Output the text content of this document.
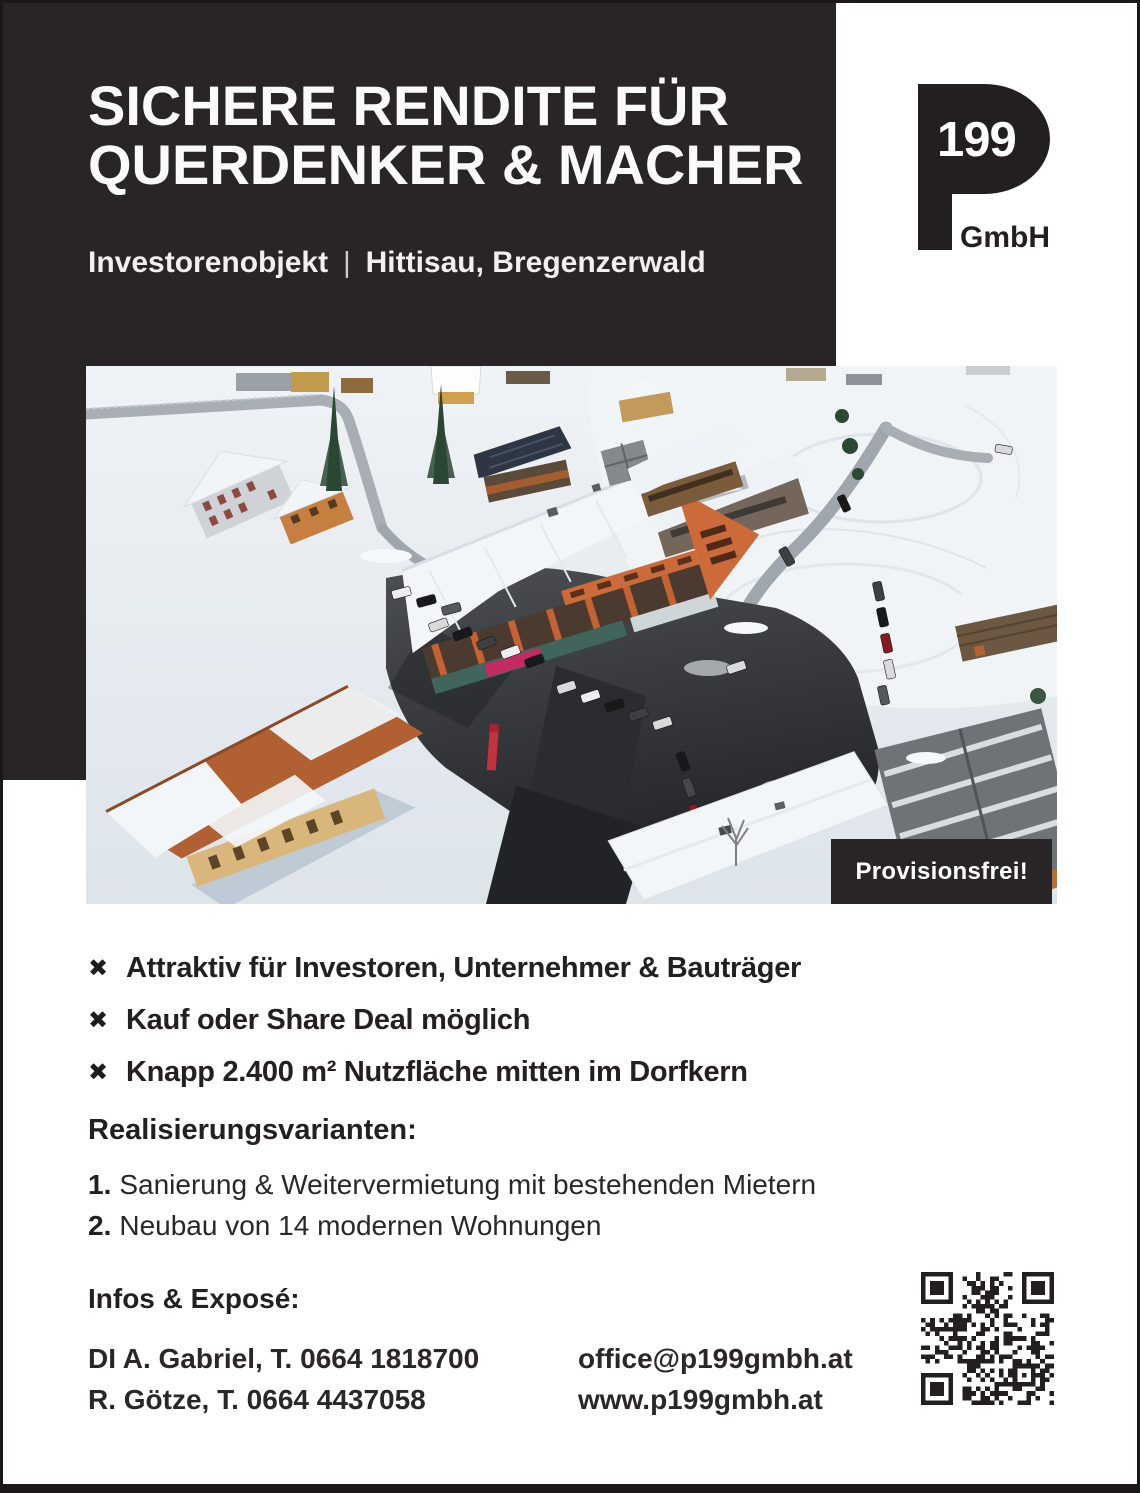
SICHERE RENDITE FÜR
QUERDENKER & MACHER
Investorenobjekt | Hittisau, Bregenzerwald
199
GmbH
Provisionsfrei!
✖ Attraktiv für Investoren, Unternehmer & Bauträger
✖ Kauf oder Share Deal möglich
✖ Knapp 2.400 m² Nutzfläche mitten im Dorfkern
Realisierungsvarianten:
1. Sanierung & Weitervermietung mit bestehenden Mietern
2. Neubau von 14 modernen Wohnungen
Infos & Exposé:
DI A. Gabriel, T. 0664 1818700
R. Götze, T. 0664 4437058
office@p199gmbh.at
www.p199gmbh.at
